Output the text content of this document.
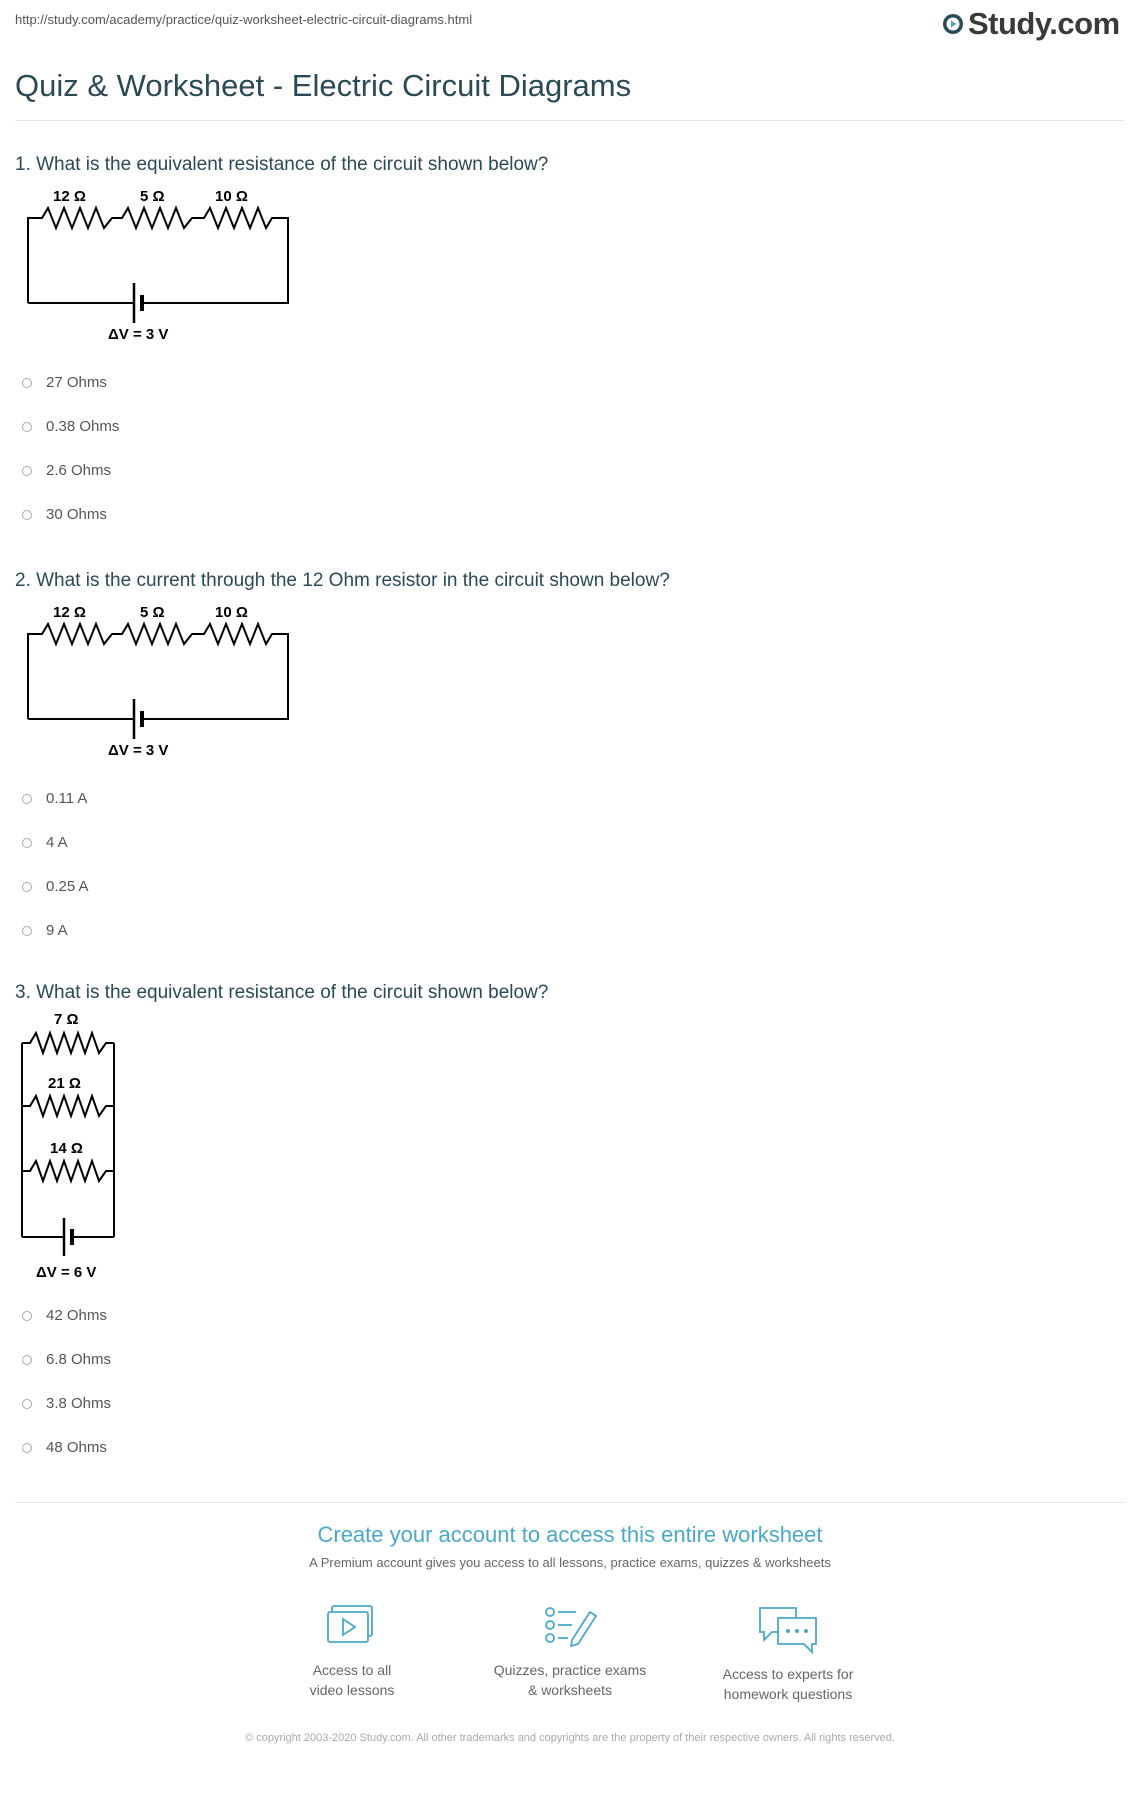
http://study.com/academy/practice/quiz-worksheet-electric-circuit-diagrams.html	Study.com
Quiz & Worksheet - Electric Circuit Diagrams
1. What is the equivalent resistance of the circuit shown below?
12 Ω	5 Ω	10 Ω
ΔV = 3 V
27 Ohms
0.38 Ohms
2.6 Ohms
30 Ohms
2. What is the current through the 12 Ohm resistor in the circuit shown below?
12 Ω	5 Ω	10 Ω
ΔV = 3 V
0.11 A
4 A
0.25 A
9 A
3. What is the equivalent resistance of the circuit shown below?
7 Ω
21 Ω
14 Ω
ΔV = 6 V
42 Ohms
6.8 Ohms
3.8 Ohms
48 Ohms
Create your account to access this entire worksheet
A Premium account gives you access to all lessons, practice exams, quizzes & worksheets
Access to all
video lessons
Quizzes, practice exams
& worksheets
Access to experts for
homework questions
© copyright 2003-2020 Study.com. All other trademarks and copyrights are the property of their respective owners. All rights reserved.
